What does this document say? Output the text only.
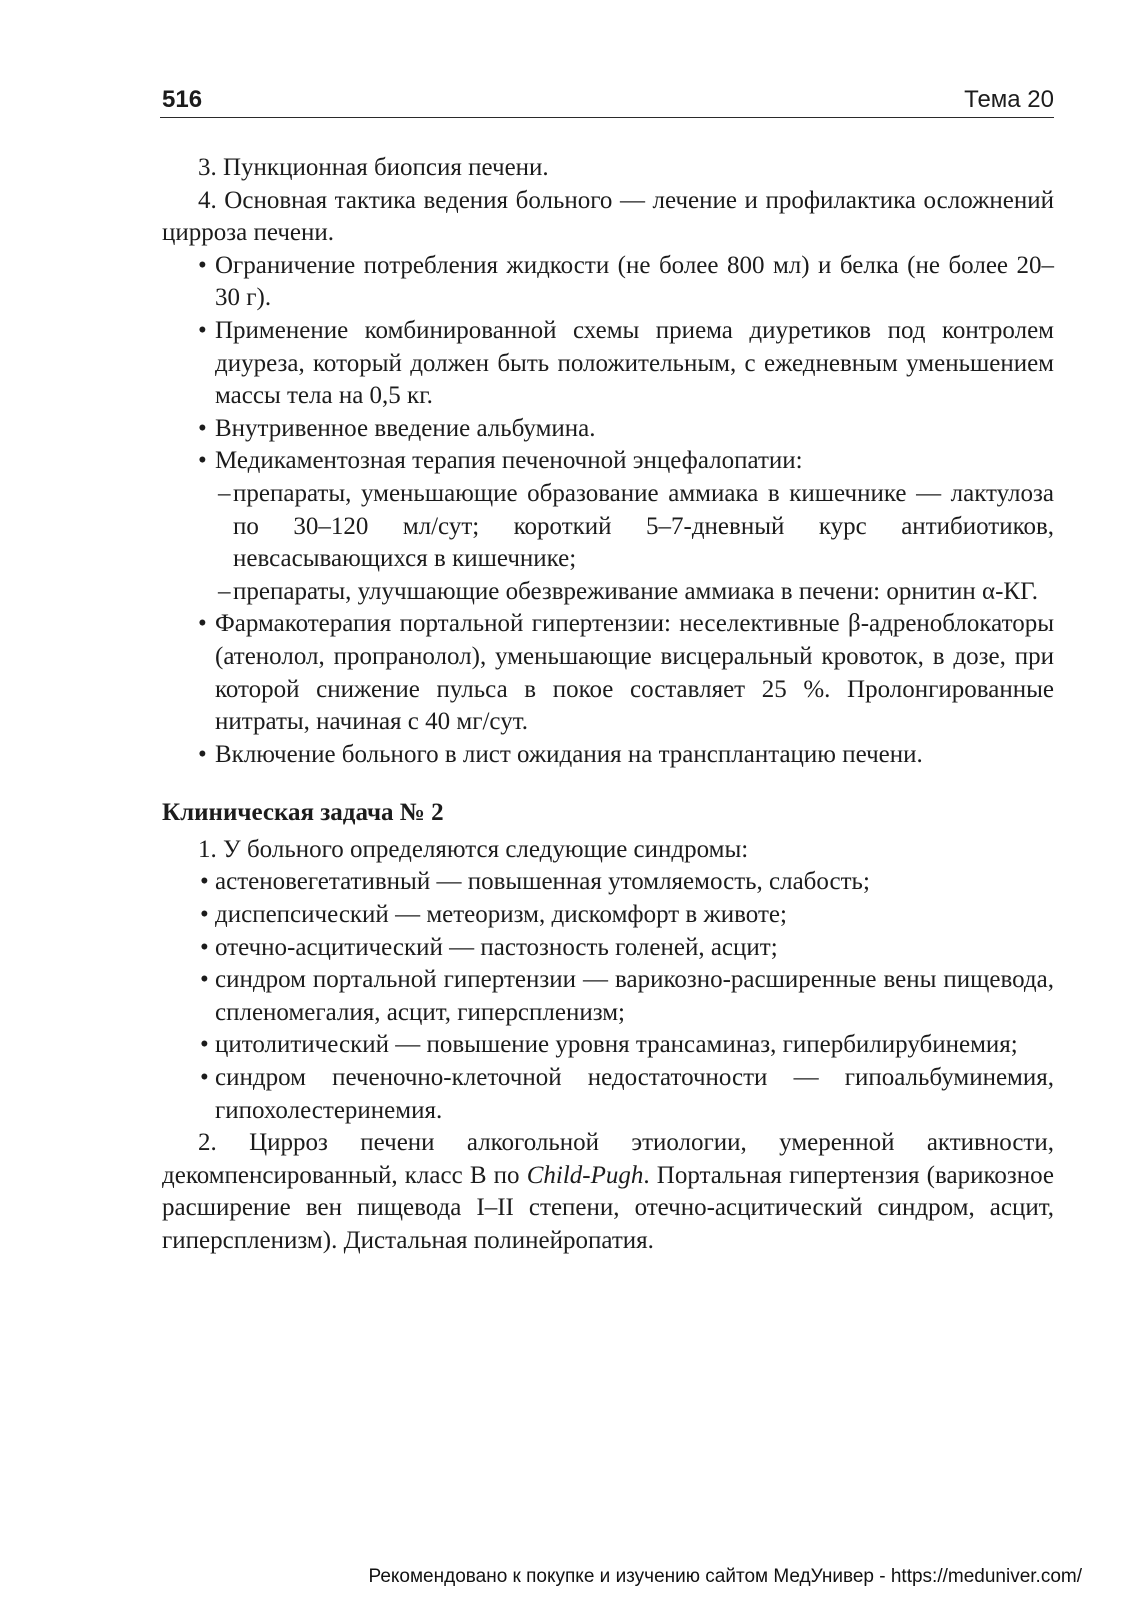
516	Тема 20

3. Пункционная биопсия печени.

4. Основная тактика ведения больного — лечение и профилактика осложнений цирроза печени.

• Ограничение потребления жидкости (не более 800 мл) и белка (не более 20–30 г).

• Применение комбинированной схемы приема диуретиков под контролем диуреза, который должен быть положительным, с ежедневным уменьшением массы тела на 0,5 кг.

• Внутривенное введение альбумина.

• Медикаментозная терапия печеночной энцефалопатии:

– препараты, уменьшающие образование аммиака в кишечнике — лактулоза по 30–120 мл/сут; короткий 5–7-дневный курс антибиотиков, невсасывающихся в кишечнике;

– препараты, улучшающие обезвреживание аммиака в печени: орнитин α-КГ.

• Фармакотерапия портальной гипертензии: неселективные β-адреноблокаторы (атенолол, пропранолол), уменьшающие висцеральный кровоток, в дозе, при которой снижение пульса в покое составляет 25 %. Пролонгированные нитраты, начиная с 40 мг/сут.

• Включение больного в лист ожидания на трансплантацию печени.

Клиническая задача № 2

1. У больного определяются следующие синдромы:

• астеновегетативный — повышенная утомляемость, слабость;

• диспепсический — метеоризм, дискомфорт в животе;

• отечно-асцитический — пастозность голеней, асцит;

• синдром портальной гипертензии — варикозно-расширенные вены пищевода, спленомегалия, асцит, гиперспленизм;

• цитолитический — повышение уровня трансаминаз, гипербилирубинемия;

• синдром печеночно-клеточной недостаточности — гипоальбуминемия, гипохолестеринемия.

2. Цирроз печени алкогольной этиологии, умеренной активности, декомпенсированный, класс В по Child-Pugh. Портальная гипертензия (варикозное расширение вен пищевода I–II степени, отечно-асцитический синдром, асцит, гиперспленизм). Дистальная полинейропатия.

Рекомендовано к покупке и изучению сайтом МедУнивер - https://meduniver.com/
